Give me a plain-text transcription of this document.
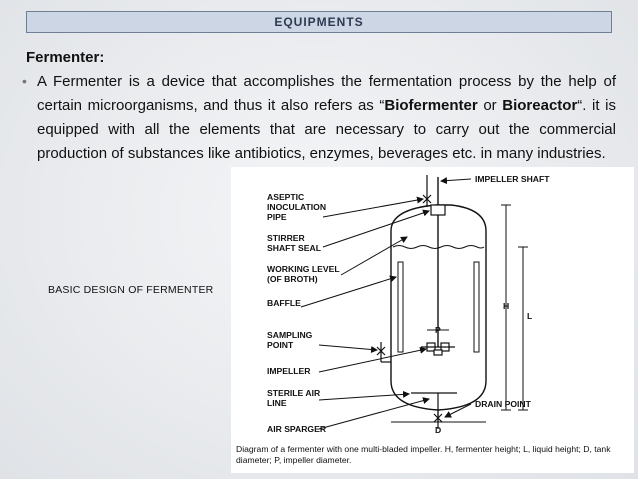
EQUIPMENTS
Fermenter:
• A Fermenter is a device that accomplishes the fermentation process by the help of certain microorganisms, and thus it also refers as “Biofermenter or Bioreactor“. it is equipped with all the elements that are necessary to carry out the commercial production of substances like antibiotics, enzymes, beverages etc. in many industries.
BASIC DESIGN OF FERMENTER
ASEPTIC
INOCULATION
PIPE
STIRRER
SHAFT SEAL
WORKING LEVEL
(OF BROTH)
BAFFLE
SAMPLING
POINT
IMPELLER
STERILE AIR
LINE
AIR SPARGER
IMPELLER SHAFT
DRAIN POINT
H
L
P
D
Diagram of a fermenter with one multi-bladed impeller. H, fermenter height; L, liquid height; D, tank diameter; P, impeller diameter.
